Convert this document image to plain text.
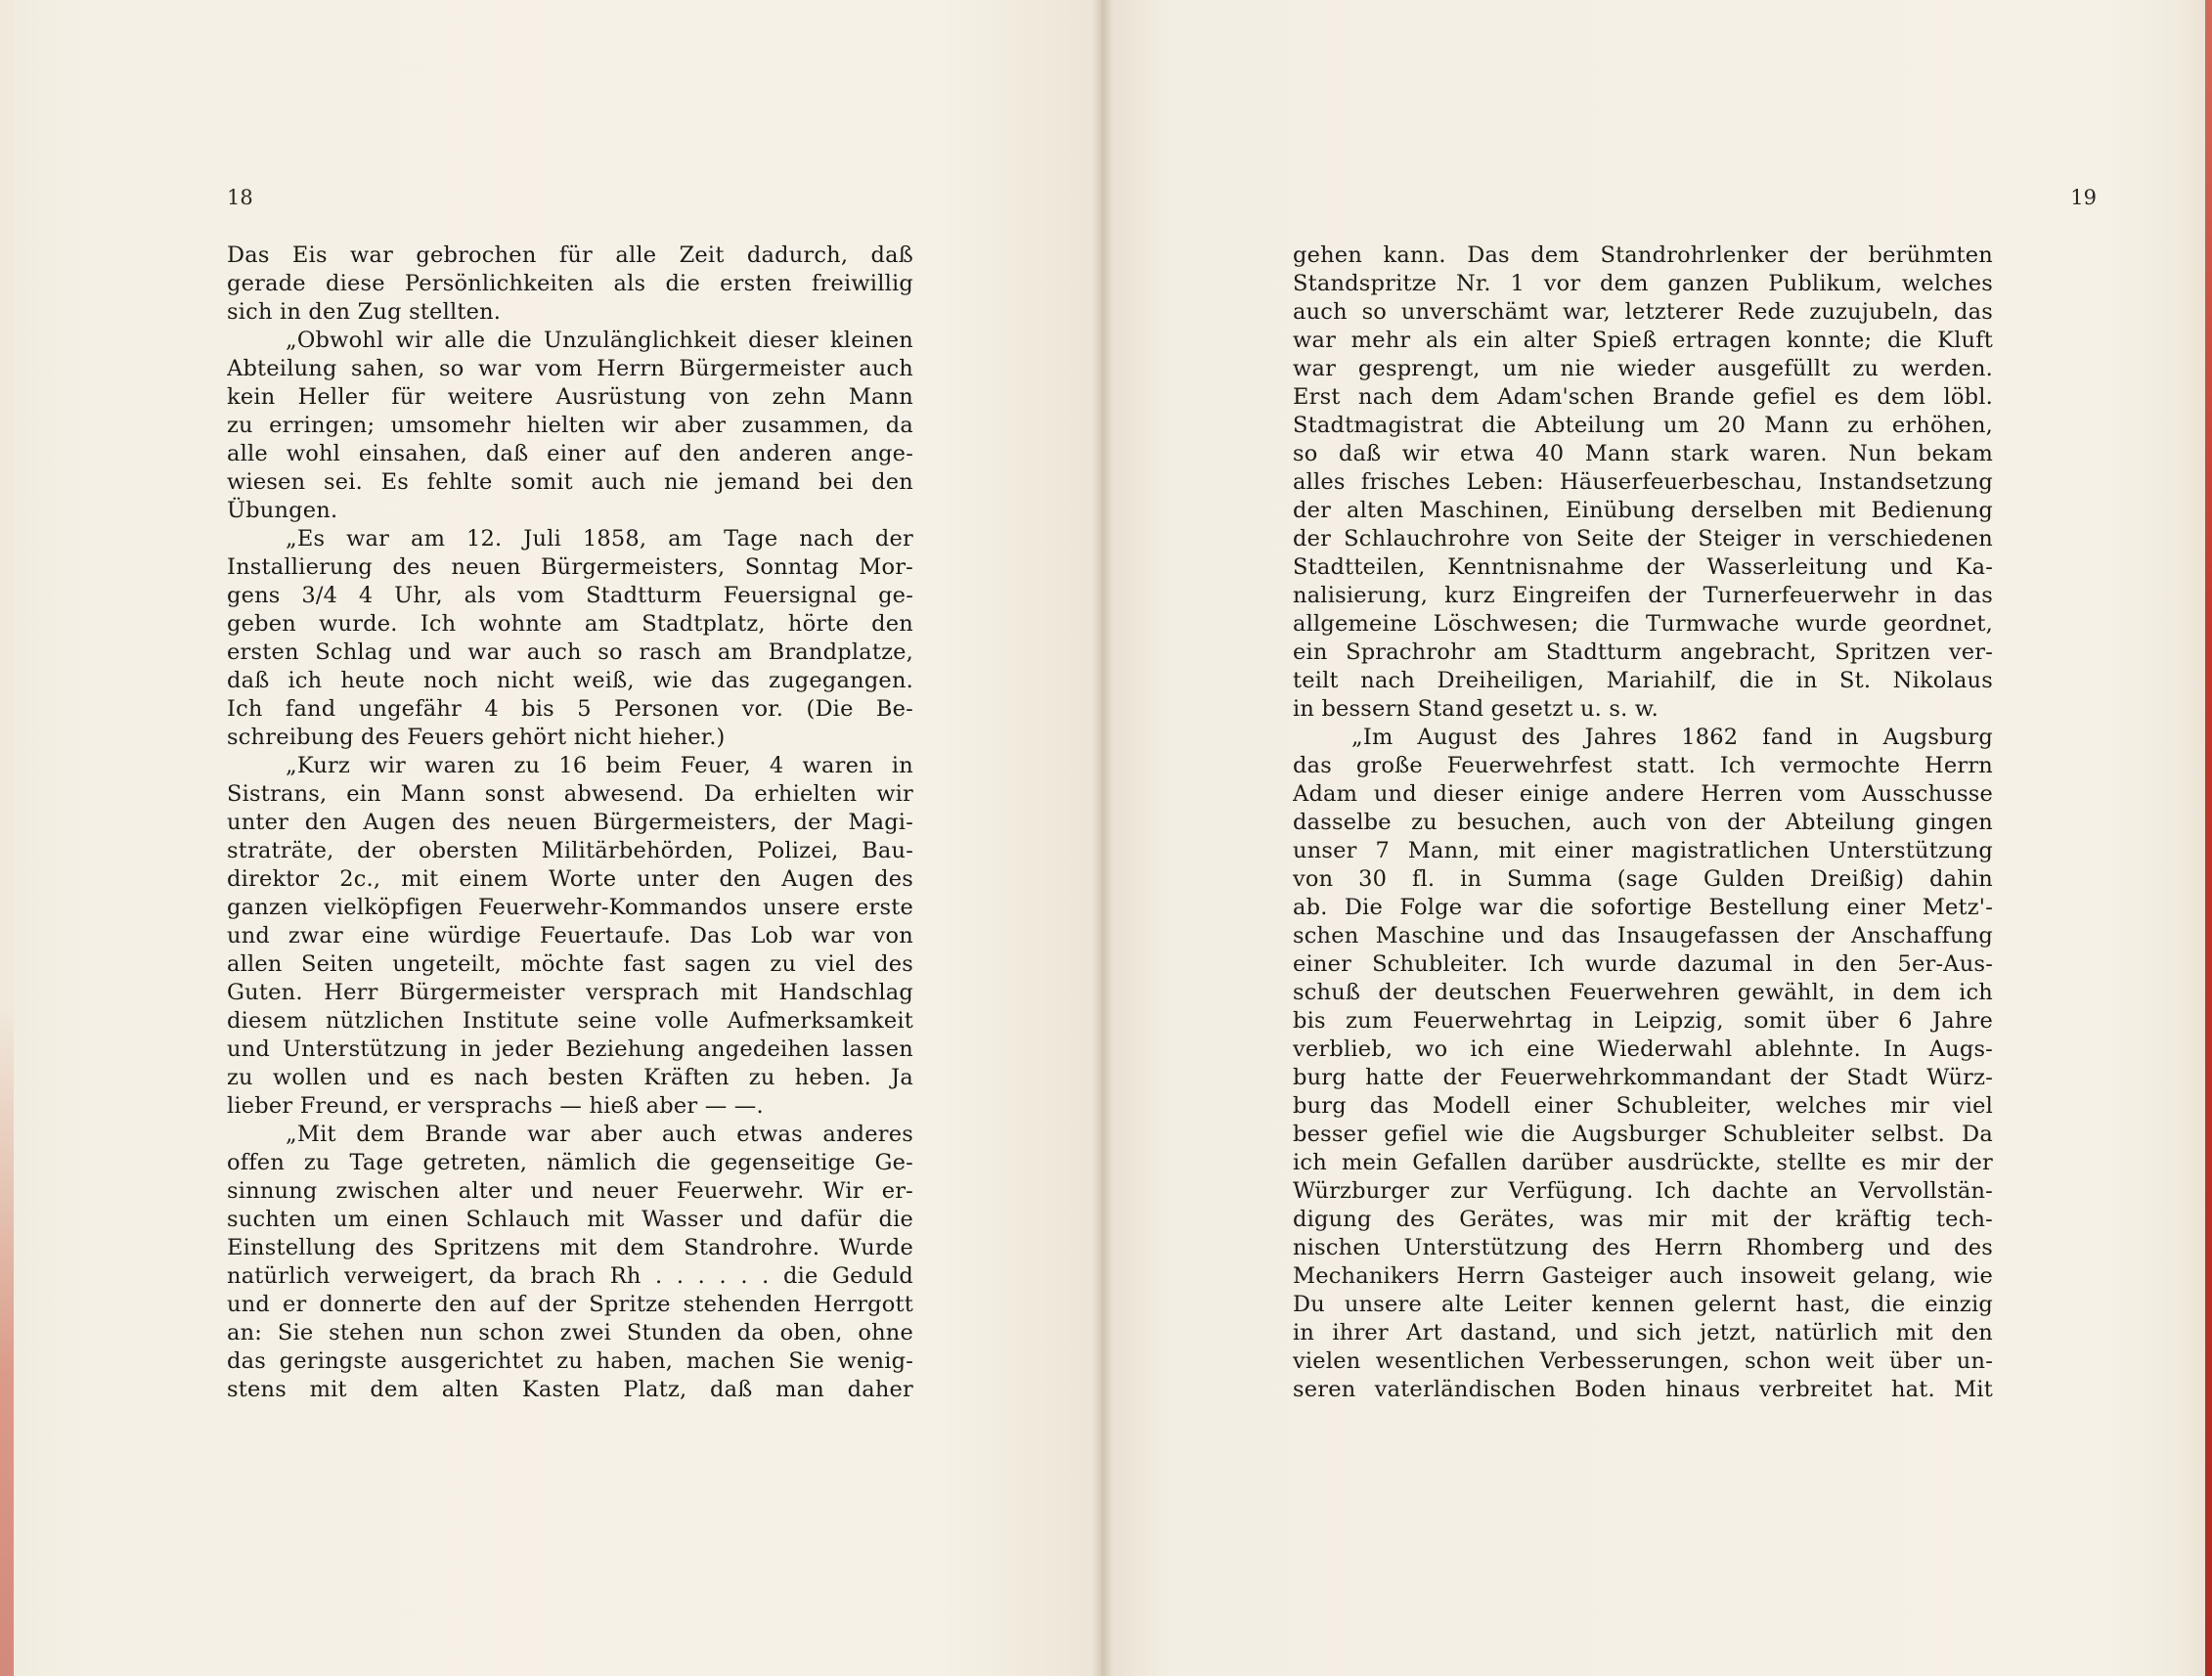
18
Das Eis war gebrochen für alle Zeit dadurch, daß
gerade diese Persönlichkeiten als die ersten freiwillig
sich in den Zug stellten.
„Obwohl wir alle die Unzulänglichkeit dieser kleinen
Abteilung sahen, so war vom Herrn Bürgermeister auch
kein Heller für weitere Ausrüstung von zehn Mann
zu erringen; umsomehr hielten wir aber zusammen, da
alle wohl einsahen, daß einer auf den anderen ange-
wiesen sei. Es fehlte somit auch nie jemand bei den
Übungen.
„Es war am 12. Juli 1858, am Tage nach der
Installierung des neuen Bürgermeisters, Sonntag Mor-
gens 3/4 4 Uhr, als vom Stadtturm Feuersignal ge-
geben wurde. Ich wohnte am Stadtplatz, hörte den
ersten Schlag und war auch so rasch am Brandplatze,
daß ich heute noch nicht weiß, wie das zugegangen.
Ich fand ungefähr 4 bis 5 Personen vor. (Die Be-
schreibung des Feuers gehört nicht hieher.)
„Kurz wir waren zu 16 beim Feuer, 4 waren in
Sistrans, ein Mann sonst abwesend. Da erhielten wir
unter den Augen des neuen Bürgermeisters, der Magi-
straträte, der obersten Militärbehörden, Polizei, Bau-
direktor 2c., mit einem Worte unter den Augen des
ganzen vielköpfigen Feuerwehr-Kommandos unsere erste
und zwar eine würdige Feuertaufe. Das Lob war von
allen Seiten ungeteilt, möchte fast sagen zu viel des
Guten. Herr Bürgermeister versprach mit Handschlag
diesem nützlichen Institute seine volle Aufmerksamkeit
und Unterstützung in jeder Beziehung angedeihen lassen
zu wollen und es nach besten Kräften zu heben. Ja
lieber Freund, er versprachs — hieß aber — —.
„Mit dem Brande war aber auch etwas anderes
offen zu Tage getreten, nämlich die gegenseitige Ge-
sinnung zwischen alter und neuer Feuerwehr. Wir er-
suchten um einen Schlauch mit Wasser und dafür die
Einstellung des Spritzens mit dem Standrohre. Wurde
natürlich verweigert, da brach Rh . . . . . . die Geduld
und er donnerte den auf der Spritze stehenden Herrgott
an: Sie stehen nun schon zwei Stunden da oben, ohne
das geringste ausgerichtet zu haben, machen Sie wenig-
stens mit dem alten Kasten Platz, daß man daher
19
gehen kann. Das dem Standrohrlenker der berühmten
Standspritze Nr. 1 vor dem ganzen Publikum, welches
auch so unverschämt war, letzterer Rede zuzujubeln, das
war mehr als ein alter Spieß ertragen konnte; die Kluft
war gesprengt, um nie wieder ausgefüllt zu werden.
Erst nach dem Adam'schen Brande gefiel es dem löbl.
Stadtmagistrat die Abteilung um 20 Mann zu erhöhen,
so daß wir etwa 40 Mann stark waren. Nun bekam
alles frisches Leben: Häuserfeuerbeschau, Instandsetzung
der alten Maschinen, Einübung derselben mit Bedienung
der Schlauchrohre von Seite der Steiger in verschiedenen
Stadtteilen, Kenntnisnahme der Wasserleitung und Ka-
nalisierung, kurz Eingreifen der Turnerfeuerwehr in das
allgemeine Löschwesen; die Turmwache wurde geordnet,
ein Sprachrohr am Stadtturm angebracht, Spritzen ver-
teilt nach Dreiheiligen, Mariahilf, die in St. Nikolaus
in bessern Stand gesetzt u. s. w.
„Im August des Jahres 1862 fand in Augsburg
das große Feuerwehrfest statt. Ich vermochte Herrn
Adam und dieser einige andere Herren vom Ausschusse
dasselbe zu besuchen, auch von der Abteilung gingen
unser 7 Mann, mit einer magistratlichen Unterstützung
von 30 fl. in Summa (sage Gulden Dreißig) dahin
ab. Die Folge war die sofortige Bestellung einer Metz'-
schen Maschine und das Insaugefassen der Anschaffung
einer Schubleiter. Ich wurde dazumal in den 5er-Aus-
schuß der deutschen Feuerwehren gewählt, in dem ich
bis zum Feuerwehrtag in Leipzig, somit über 6 Jahre
verblieb, wo ich eine Wiederwahl ablehnte. In Augs-
burg hatte der Feuerwehrkommandant der Stadt Würz-
burg das Modell einer Schubleiter, welches mir viel
besser gefiel wie die Augsburger Schubleiter selbst. Da
ich mein Gefallen darüber ausdrückte, stellte es mir der
Würzburger zur Verfügung. Ich dachte an Vervollstän-
digung des Gerätes, was mir mit der kräftig tech-
nischen Unterstützung des Herrn Rhomberg und des
Mechanikers Herrn Gasteiger auch insoweit gelang, wie
Du unsere alte Leiter kennen gelernt hast, die einzig
in ihrer Art dastand, und sich jetzt, natürlich mit den
vielen wesentlichen Verbesserungen, schon weit über un-
seren vaterländischen Boden hinaus verbreitet hat. Mit
